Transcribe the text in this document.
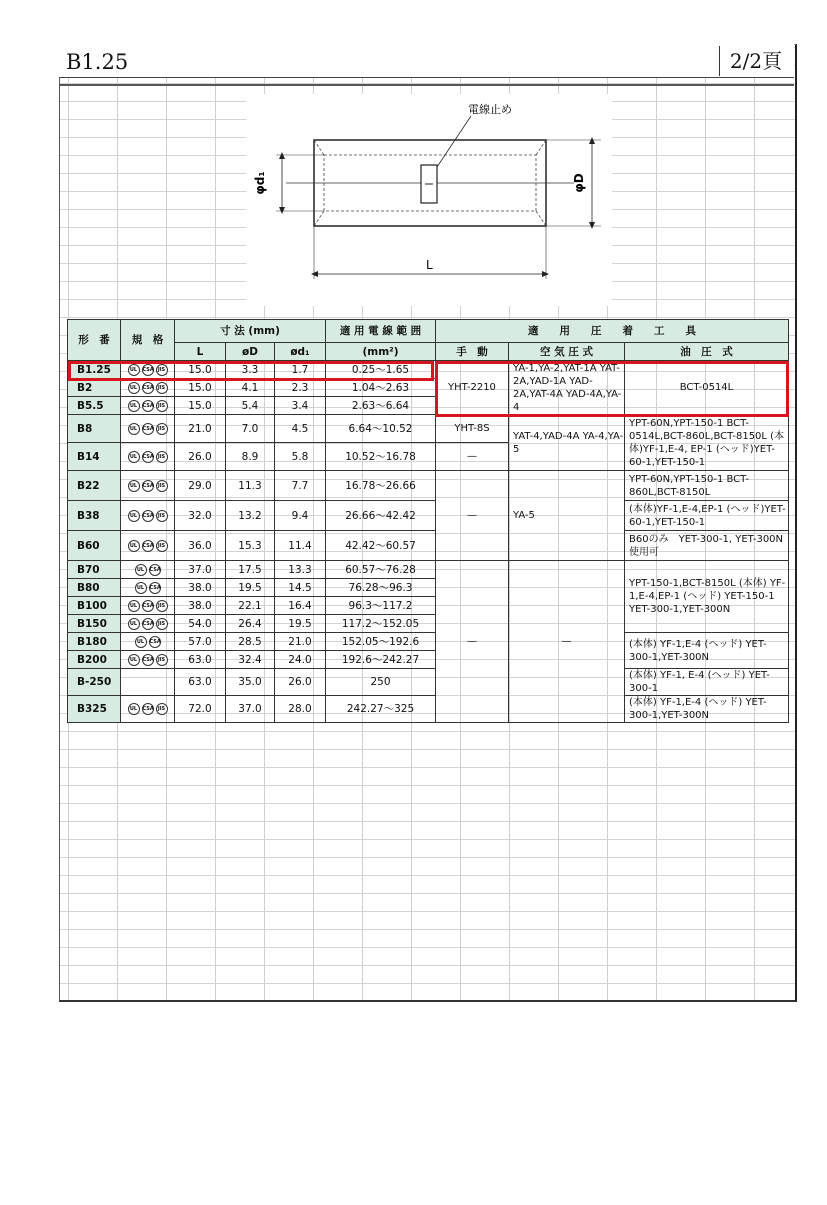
B1.25	2/2頁
電線止め
φd₁	φD
L
形　番	規　格	寸 法 (mm)			適 用 電 線 範 囲	適　　用　　圧　　着　　工　　具		
		L	øD	ød₁	(mm²)	手　動	空 気 圧 式	油　圧　式
B1.25	UL CSA JIS	15.0	3.3	1.7	0.25～1.65	YHT-2210	YA-1,YA-2,YAT-1A YAT-2A,YAD-1A YAD-2A,YAT-4A YAD-4A,YA-4	BCT-0514L
B2	UL CSA JIS	15.0	4.1	2.3	1.04～2.63			
B5.5	UL CSA JIS	15.0	5.4	3.4	2.63～6.64			
B8	UL CSA JIS	21.0	7.0	4.5	6.64～10.52	YHT-8S	YAT-4,YAD-4A YA-4,YA-5	YPT-60N,YPT-150-1 BCT-0514L,BCT-860L,BCT-8150L (本体)YF-1,E-4, EP-1 (ヘッド)YET-60-1,YET-150-1
B14	UL CSA JIS	26.0	8.9	5.8	10.52～16.78	—		
B22	UL CSA JIS	29.0	11.3	7.7	16.78～26.66	—	YA-5	YPT-60N,YPT-150-1 BCT-860L,BCT-8150L
B38	UL CSA JIS	32.0	13.2	9.4	26.66～42.42			(本体)YF-1,E-4,EP-1 (ヘッド)YET-60-1,YET-150-1
B60	UL CSA JIS	36.0	15.3	11.4	42.42～60.57			B60のみ　YET-300-1, YET-300N　使用可
B70	UL CSA	37.0	17.5	13.3	60.57～76.28	—	—	YPT-150-1,BCT-8150L (本体) YF-1,E-4,EP-1 (ヘッド) YET-150-1 YET-300-1,YET-300N
B80	UL CSA	38.0	19.5	14.5	76.28～96.3			
B100	UL CSA JIS	38.0	22.1	16.4	96.3～117.2			
B150	UL CSA JIS	54.0	26.4	19.5	117.2～152.05			
B180	UL CSA	57.0	28.5	21.0	152.05～192.6			(本体) YF-1,E-4 (ヘッド) YET-300-1,YET-300N
B200	UL CSA JIS	63.0	32.4	24.0	192.6～242.27			
B-250		63.0	35.0	26.0	250			(本体) YF-1, E-4 (ヘッド) YET-300-1
B325	UL CSA JIS	72.0	37.0	28.0	242.27～325			(本体) YF-1,E-4 (ヘッド) YET-300-1,YET-300N
